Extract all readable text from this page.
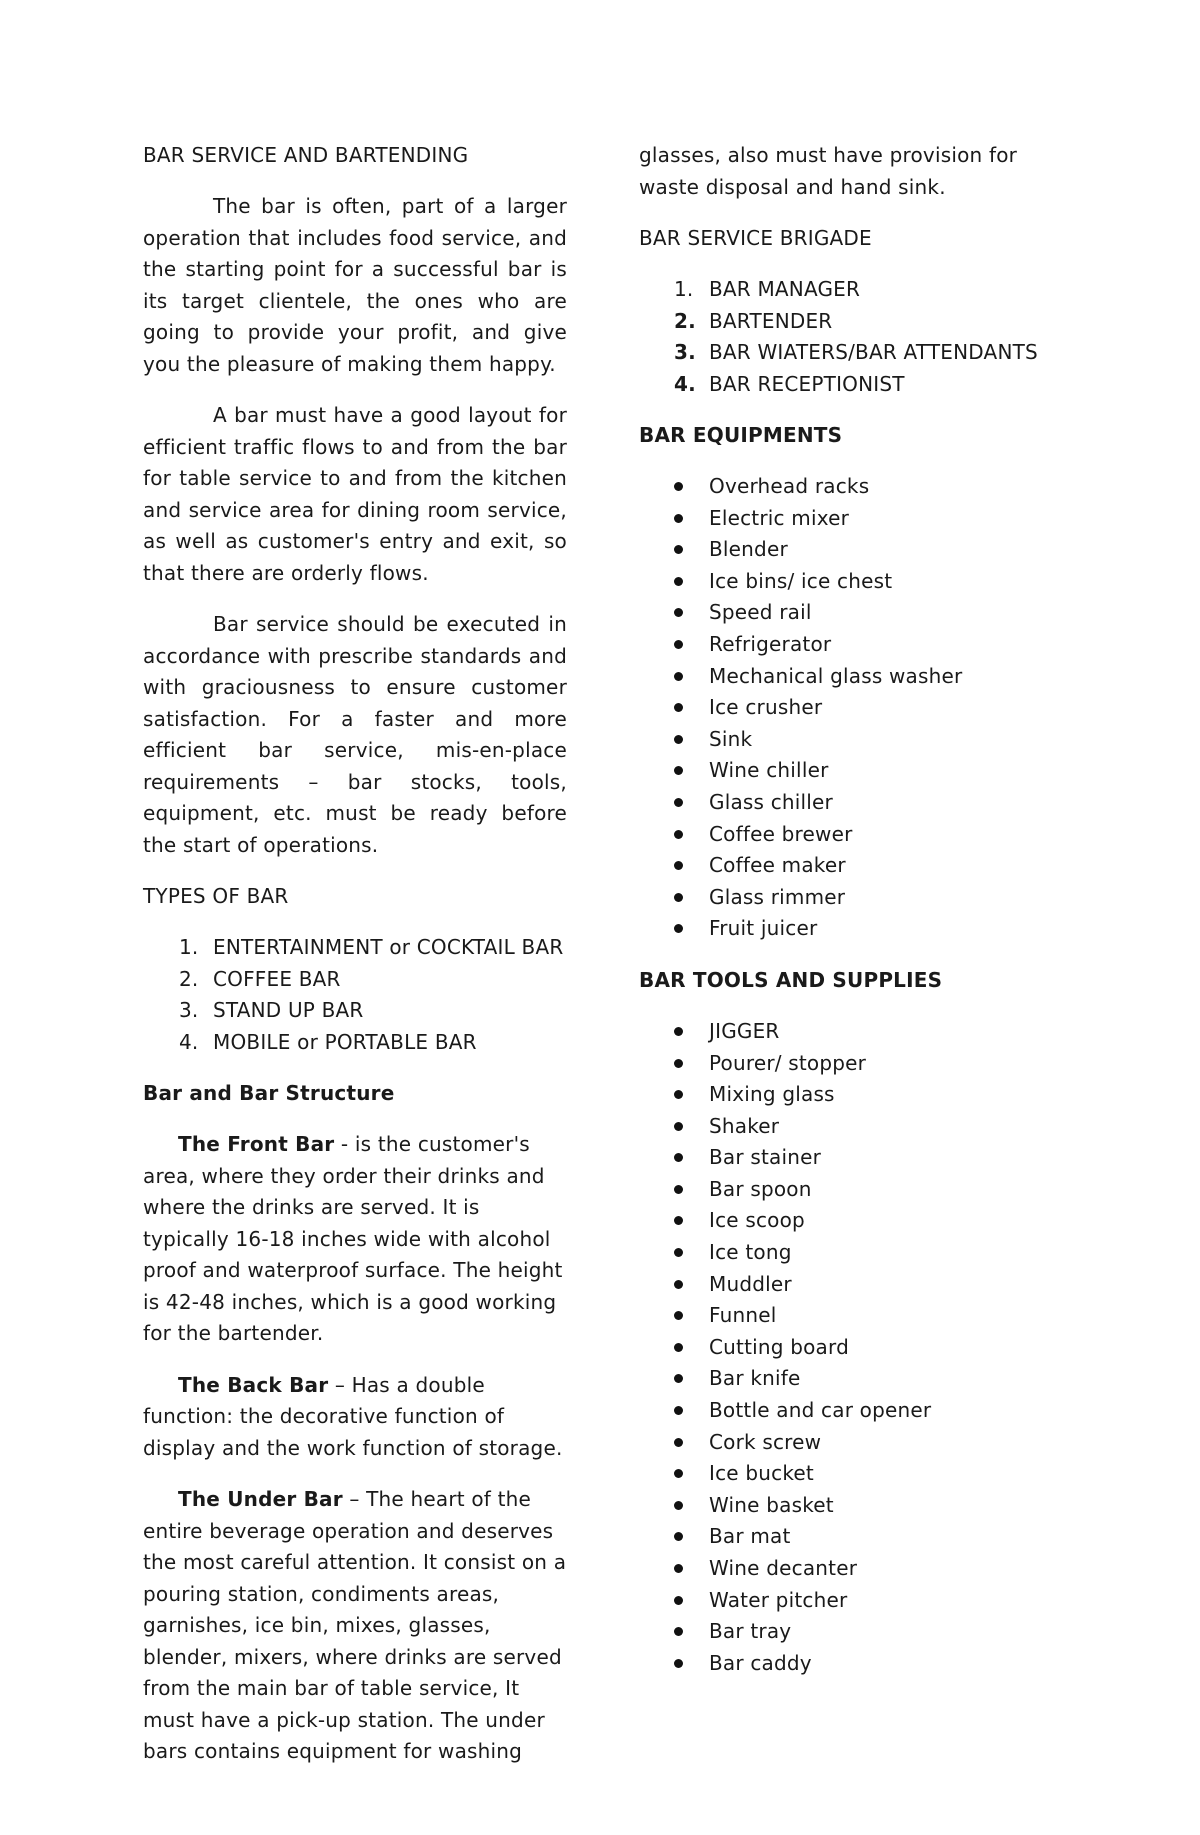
BAR SERVICE AND BARTENDING

The bar is often, part of a larger operation that includes food service, and the starting point for a successful bar is its target clientele, the ones who are going to provide your profit, and give you the pleasure of making them happy.

A bar must have a good layout for efficient traffic flows to and from the bar for table service to and from the kitchen and service area for dining room service, as well as customer's entry and exit, so that there are orderly flows.

Bar service should be executed in accordance with prescribe standards and with graciousness to ensure customer satisfaction. For a faster and more efficient bar service, mis-en-place requirements – bar stocks, tools, equipment, etc. must be ready before the start of operations.

TYPES OF BAR
1. ENTERTAINMENT or COCKTAIL BAR
2. COFFEE BAR
3. STAND UP BAR
4. MOBILE or PORTABLE BAR
Bar and Bar Structure

The Front Bar - is the customer's area, where they order their drinks and where the drinks are served. It is typically 16-18 inches wide with alcohol proof and waterproof surface. The height is 42-48 inches, which is a good working for the bartender.

The Back Bar – Has a double function: the decorative function of display and the work function of storage.

The Under Bar – The heart of the entire beverage operation and deserves the most careful attention. It consist on a pouring station, condiments areas, garnishes, ice bin, mixes, glasses, blender, mixers, where drinks are served from the main bar of table service, It must have a pick-up station. The under bars contains equipment for washing

glasses, also must have provision for waste disposal and hand sink.

BAR SERVICE BRIGADE
1. BAR MANAGER
2. BARTENDER
3. BAR WIATERS/BAR ATTENDANTS
4. BAR RECEPTIONIST
BAR EQUIPMENTS
Overhead racks
Electric mixer
Blender
Ice bins/ ice chest
Speed rail
Refrigerator
Mechanical glass washer
Ice crusher
Sink
Wine chiller
Glass chiller
Coffee brewer
Coffee maker
Glass rimmer
Fruit juicer
BAR TOOLS AND SUPPLIES
JIGGER
Pourer/ stopper
Mixing glass
Shaker
Bar stainer
Bar spoon
Ice scoop
Ice tong
Muddler
Funnel
Cutting board
Bar knife
Bottle and car opener
Cork screw
Ice bucket
Wine basket
Bar mat
Wine decanter
Water pitcher
Bar tray
Bar caddy
